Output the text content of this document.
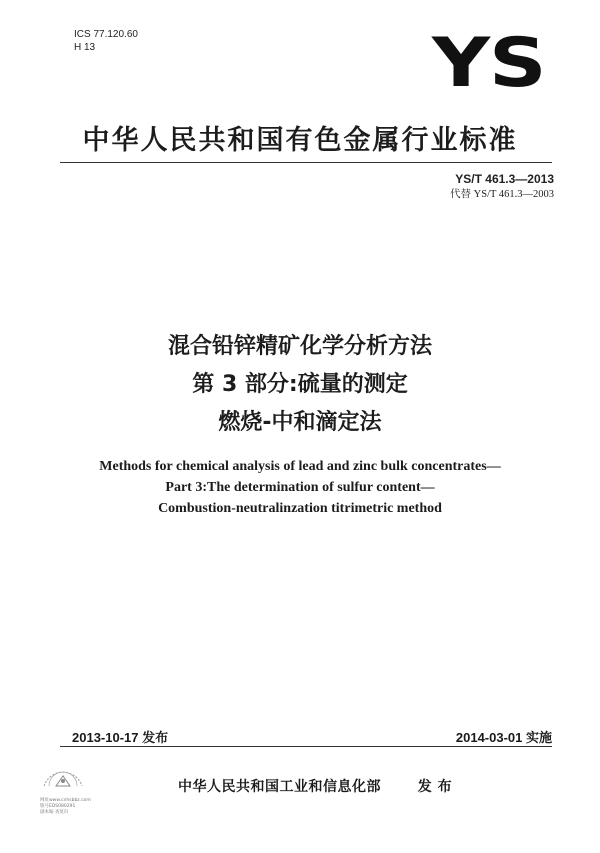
ICS 77.120.60
H 13	YS
中华人民共和国有色金属行业标准
YS/T 461.3—2013
代替 YS/T 461.3—2003
混合铅锌精矿化学分析方法
第 3 部分:硫量的测定
燃烧-中和滴定法
Methods for chemical analysis of lead and zinc bulk concentrates—
Part 3:The determination of sulfur content—
Combustion-neutralinzation titrimetric method
2013-10-17 发布	2014-03-01 实施
网址www.cnhsbbz.com
版号EDS080291
副本编 查复归
中华人民共和国工业和信息化部	发 布
